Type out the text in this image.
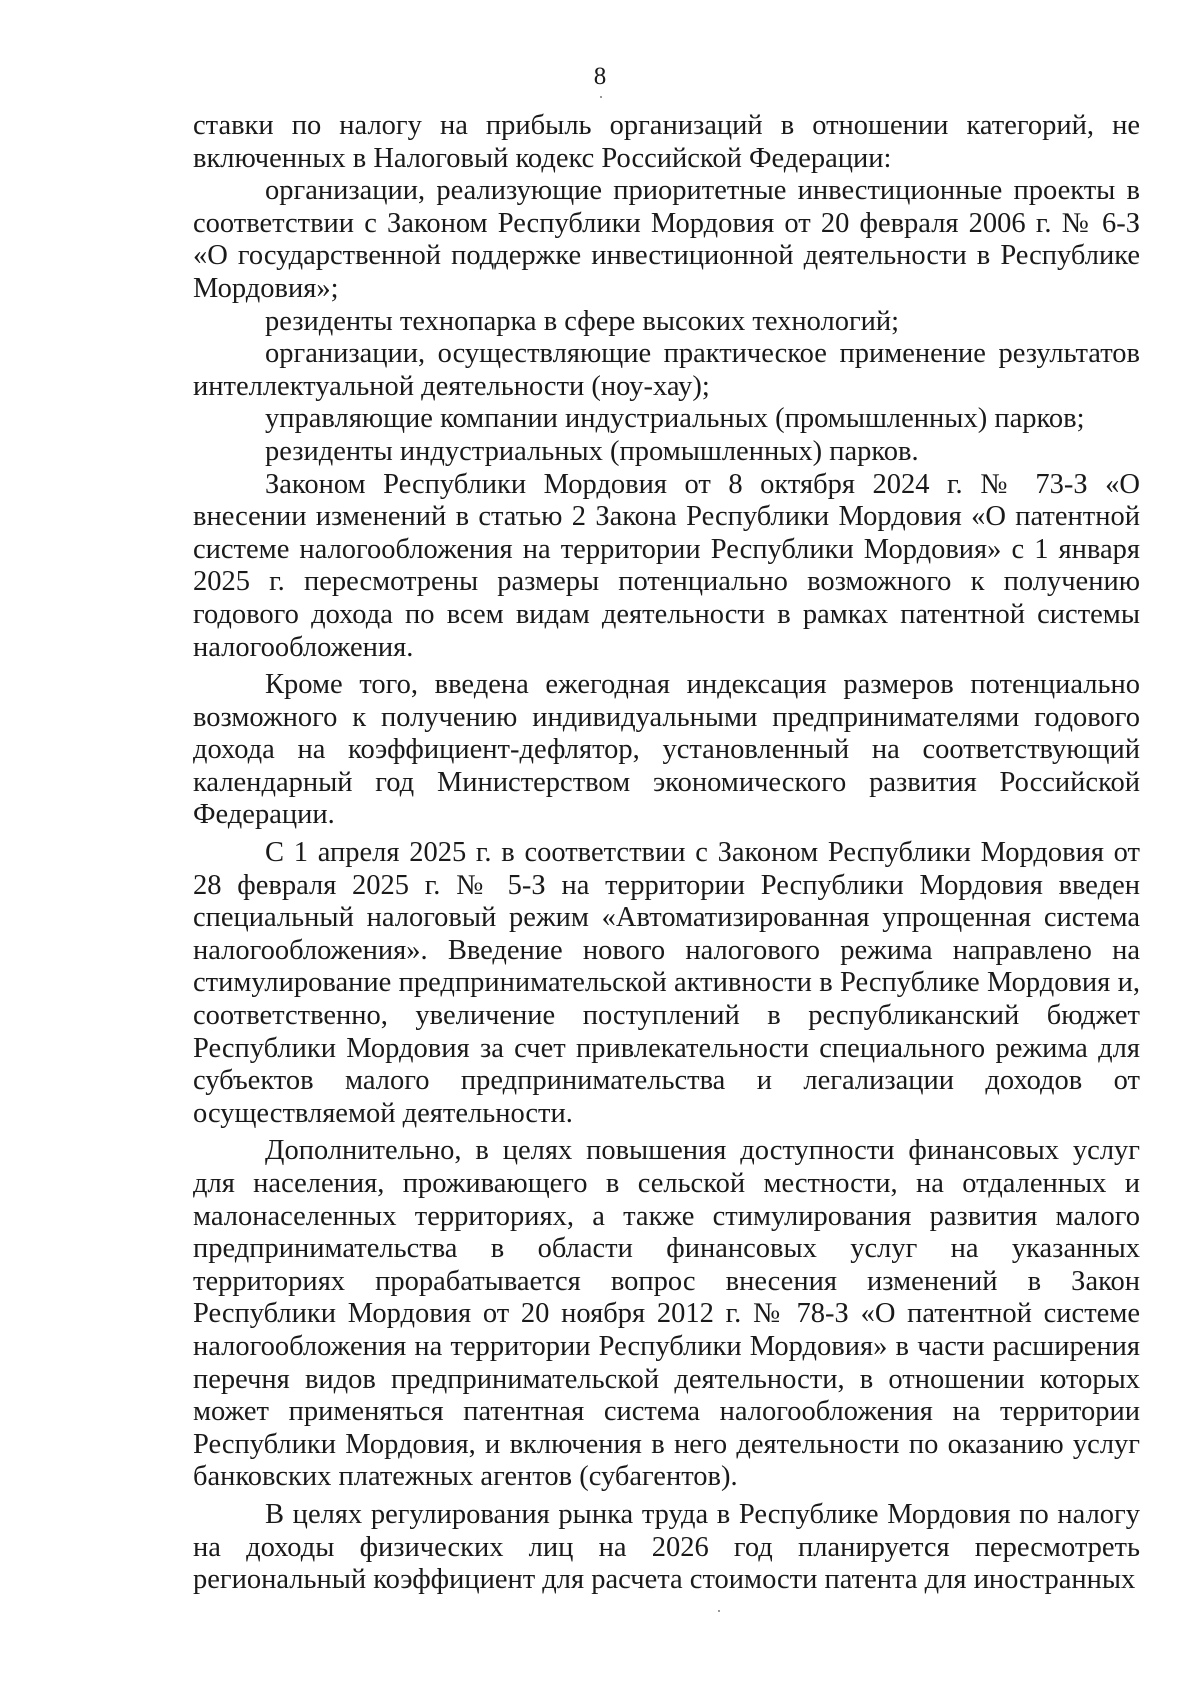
8

ставки по налогу на прибыль организаций в отношении категорий, не включенных в Налоговый кодекс Российской Федерации:

организации, реализующие приоритетные инвестиционные проекты в соответствии с Законом Республики Мордовия от 20 февраля 2006 г. № 6-З «О государственной поддержке инвестиционной деятельности в Республике Мордовия»;

резиденты технопарка в сфере высоких технологий;

организации, осуществляющие практическое применение результатов интеллектуальной деятельности (ноу-хау);

управляющие компании индустриальных (промышленных) парков;

резиденты индустриальных (промышленных) парков.

Законом Республики Мордовия от 8 октября 2024 г. № 73-З «О внесении изменений в статью 2 Закона Республики Мордовия «О патентной системе налогообложения на территории Республики Мордовия» с 1 января 2025 г. пересмотрены размеры потенциально возможного к получению годового дохода по всем видам деятельности в рамках патентной системы налогообложения.

Кроме того, введена ежегодная индексация размеров потенциально возможного к получению индивидуальными предпринимателями годового дохода на коэффициент-дефлятор, установленный на соответствующий календарный год Министерством экономического развития Российской Федерации.

С 1 апреля 2025 г. в соответствии с Законом Республики Мордовия от 28 февраля 2025 г. № 5-З на территории Республики Мордовия введен специальный налоговый режим «Автоматизированная упрощенная система налогообложения». Введение нового налогового режима направлено на стимулирование предпринимательской активности в Республике Мордовия и, соответственно, увеличение поступлений в республиканский бюджет Республики Мордовия за счет привлекательности специального режима для субъектов малого предпринимательства и легализации доходов от осуществляемой деятельности.

Дополнительно, в целях повышения доступности финансовых услуг для населения, проживающего в сельской местности, на отдаленных и малонаселенных территориях, а также стимулирования развития малого предпринимательства в области финансовых услуг на указанных территориях прорабатывается вопрос внесения изменений в Закон Республики Мордовия от 20 ноября 2012 г. № 78-З «О патентной системе налогообложения на территории Республики Мордовия» в части расширения перечня видов предпринимательской деятельности, в отношении которых может применяться патентная система налогообложения на территории Республики Мордовия, и включения в него деятельности по оказанию услуг банковских платежных агентов (субагентов).

В целях регулирования рынка труда в Республике Мордовия по налогу на доходы физических лиц на 2026 год планируется пересмотреть региональный коэффициент для расчета стоимости патента для иностранных
